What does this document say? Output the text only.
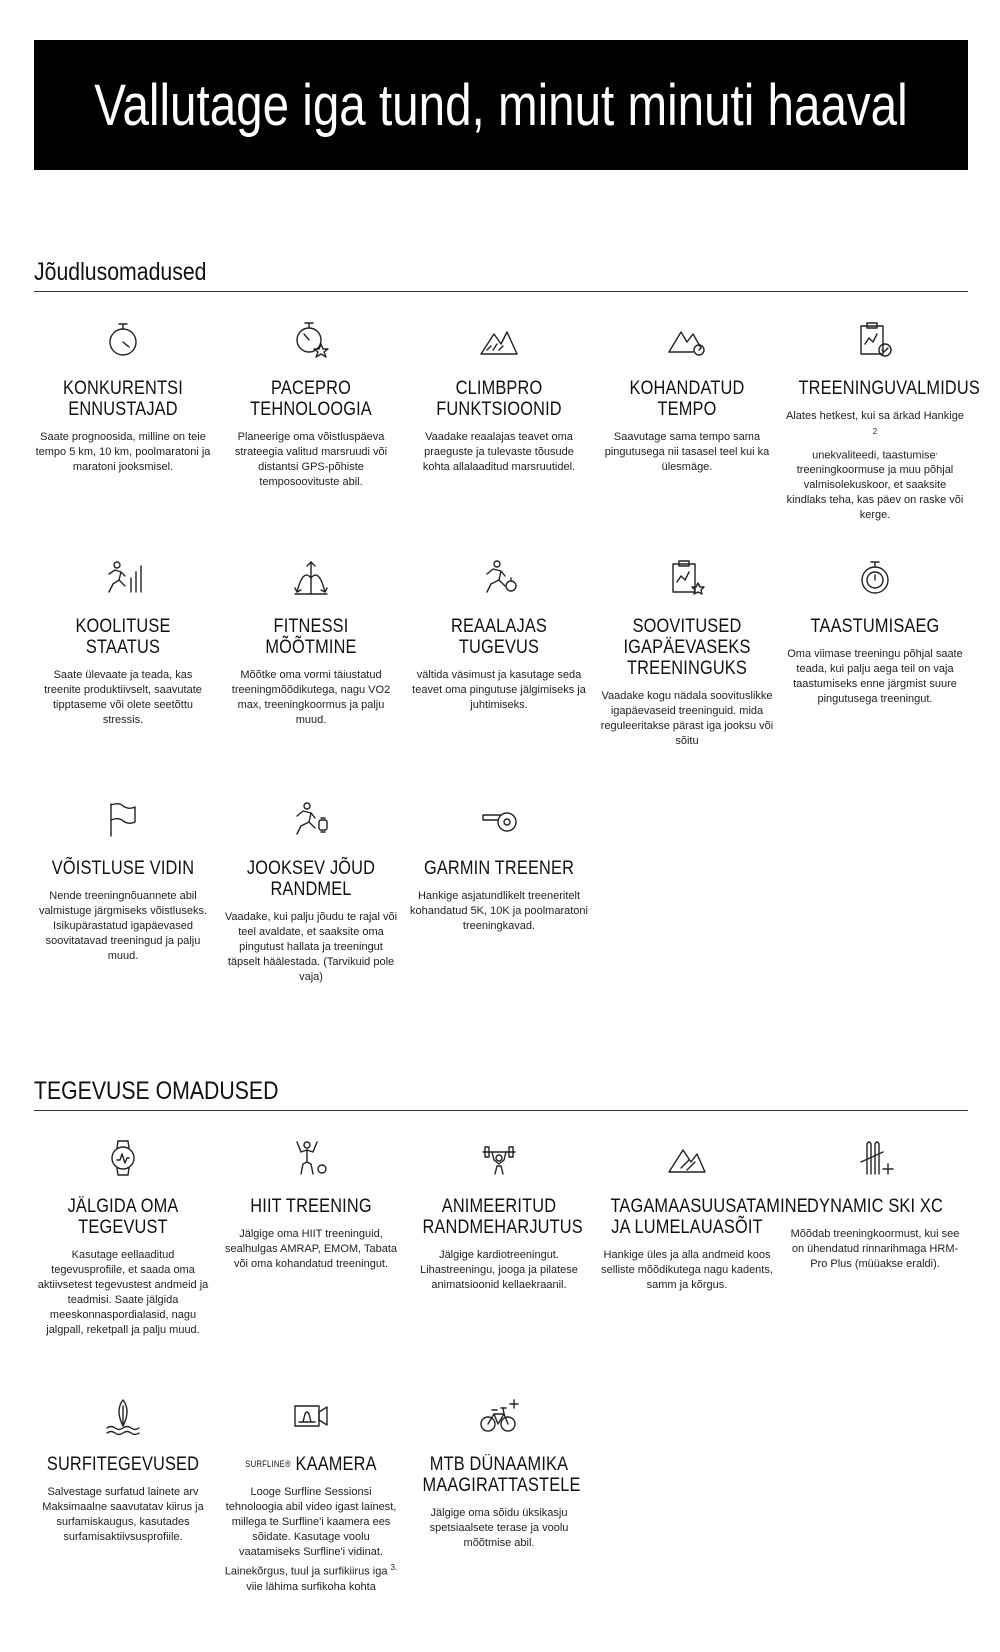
Vallutage iga tund, minut minuti haaval
Jõudlusomadused
KONKURENTSI ENNUSTAJAD

Saate prognoosida, milline on teie tempo 5 km, 10 km, poolmaratoni ja maratoni jooksmisel.

PACEPRO TEHNOLOOGIA

Planeerige oma võistluspäeva strateegia valitud marsruudi või distantsi GPS-põhiste temposoovituste abil.

CLIMBPRO FUNKTSIOONID

Vaadake reaalajas teavet oma praeguste ja tulevaste tõusude kohta allalaaditud marsruutidel.

KOHANDATUD TEMPO

Saavutage sama tempo sama pingutusega nii tasasel teel kui ka ülesmäge.

TREENINGUVALMIDUS

Alates hetkest, kui sa ärkad Hankige $^2$
unekvaliteedi, taastumise, treeningkoormuse ja muu põhjal valmisolekuskoor, et saaksite kindlaks teha, kas päev on raske või kerge.

KOOLITUSE STAATUS

Saate ülevaate ja teada, kas treenite produktiivselt, saavutate tipptaseme või olete seetõttu stressis.

FITNESSI MÕÕTMINE

Mõõtke oma vormi täiustatud treeningmõõdikutega, nagu VO2 max, treeningkoormus ja palju muud.

REAALAJAS TUGEVUS

vältida väsimust ja kasutage seda teavet oma pingutuse jälgimiseks ja juhtimiseks.

SOOVITUSED IGAPÄEVASEKS TREENINGUKS

Vaadake kogu nädala soovituslikke igapäevaseid treeninguid. mida reguleeritakse pärast iga jooksu või sõitu

TAASTUMISAEG

Oma viimase treeningu põhjal saate teada, kui palju aega teil on vaja taastumiseks enne järgmist suure pingutusega treeningut.

VÕISTLUSE VIDIN

Nende treeningnõuannete abil valmistuge järgmiseks võistluseks. Isikupärastatud igapäevased soovitatavad treeningud ja palju muud.

JOOKSEV JÕUD RANDMEL

Vaadake, kui palju jõudu te rajal või teel avaldate, et saaksite oma pingutust hallata ja treeningut täpselt häälestada. (Tarvikuid pole vaja)

GARMIN TREENER

Hankige asjatundlikelt treeneritelt kohandatud 5K, 10K ja poolmaratoni treeningkavad.

TEGEVUSE OMADUSED
JÄLGIDA OMA TEGEVUST

Kasutage eellaaditud tegevusprofiile, et saada oma aktiivsetest tegevustest andmeid ja teadmisi. Saate jälgida meeskonnaspordialasid, nagu jalgpall, reketpall ja palju muud.

HIIT TREENING

Jälgige oma HIIT treeninguid, sealhulgas AMRAP, EMOM, Tabata või oma kohandatud treeningut.

ANIMEERITUD RANDMEHARJUTUS

Jälgige kardiotreeningut. Lihastreeningu, jooga ja pilatese animatsioonid kellaekraanil.

TAGAMAASUUSATAMINE JA LUMELAUASÕIT

Hankige üles ja alla andmeid koos selliste mõõdikutega nagu kadents, samm ja kõrgus.

DYNAMIC SKI XC

Mõõdab treeningkoormust, kui see on ühendatud rinnarihmaga HRM-Pro Plus (müüakse eraldi).

SURFITEGEVUSED

Salvestage surfatud lainete arv Maksimaalne saavutatav kiirus ja surfamiskaugus, kasutades surfamisaktiivsusprofiile.

$^{SURFLINE®}$ KAAMERA

Looge Surfline Sessionsi tehnoloogia abil video igast lainest, millega te Surfline'i kaamera ees sõidate. Kasutage voolu vaatamiseks Surfline'i vidinat. Lainekõrgus, tuul ja surfikiirus iga $^{3.}$
viie lähima surfikoha kohta

MTB DÜNAAMIKA MAAGIRATTASTELE

Jälgige oma sõidu üksikasju spetsiaalsete terase ja voolu mõõtmise abil.
